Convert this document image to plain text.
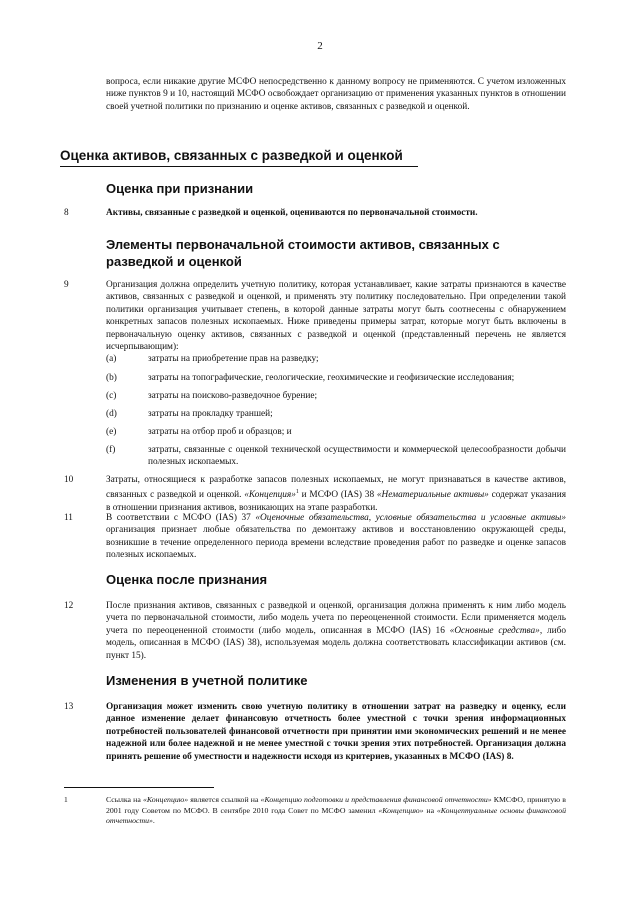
2
вопроса, если никакие другие МСФО непосредственно к данному вопросу не применяются. С учетом изложенных ниже пунктов 9 и 10, настоящий МСФО освобождает организацию от применения указанных пунктов в отношении своей учетной политики по признанию и оценке активов, связанных с разведкой и оценкой.
Оценка активов, связанных с разведкой и оценкой
Оценка при признании
8	Активы, связанные с разведкой и оценкой, оцениваются по первоначальной стоимости.
Элементы первоначальной стоимости активов, связанных с разведкой и оценкой
9	Организация должна определить учетную политику, которая устанавливает, какие затраты признаются в качестве активов, связанных с разведкой и оценкой, и применять эту политику последовательно. При определении такой политики организация учитывает степень, в которой данные затраты могут быть соотнесены с обнаружением конкретных запасов полезных ископаемых. Ниже приведены примеры затрат, которые могут быть включены в первоначальную оценку активов, связанных с разведкой и оценкой (представленный перечень не является исчерпывающим):
(a)	затраты на приобретение прав на разведку;
(b)	затраты на топографические, геологические, геохимические и геофизические исследования;
(c)	затраты на поисково-разведочное бурение;
(d)	затраты на прокладку траншей;
(e)	затраты на отбор проб и образцов; и
(f)	затраты, связанные с оценкой технической осуществимости и коммерческой целесообразности добычи полезных ископаемых.
10	Затраты, относящиеся к разработке запасов полезных ископаемых, не могут признаваться в качестве активов, связанных с разведкой и оценкой. «Концепция»$^1$ и МСФО (IAS) 38 «Нематериальные активы» содержат указания в отношении признания активов, возникающих на этапе разработки.
11	В соответствии с МСФО (IAS) 37 «Оценочные обязательства, условные обязательства и условные активы» организация признает любые обязательства по демонтажу активов и восстановлению окружающей среды, возникшие в течение определенного периода времени вследствие проведения работ по разведке и оценке запасов полезных ископаемых.
Оценка после признания
12	После признания активов, связанных с разведкой и оценкой, организация должна применять к ним либо модель учета по первоначальной стоимости, либо модель учета по переоцененной стоимости. Если применяется модель учета по переоцененной стоимости (либо модель, описанная в МСФО (IAS) 16 «Основные средства», либо модель, описанная в МСФО (IAS) 38), используемая модель должна соответствовать классификации активов (см. пункт 15).
Изменения в учетной политике
13	Организация может изменить свою учетную политику в отношении затрат на разведку и оценку, если данное изменение делает финансовую отчетность более уместной с точки зрения информационных потребностей пользователей финансовой отчетности при принятии ими экономических решений и не менее надежной или более надежной и не менее уместной с точки зрения этих потребностей. Организация должна принять решение об уместности и надежности исходя из критериев, указанных в МСФО (IAS) 8.
1	Ссылка на «Концепцию» является ссылкой на «Концепцию подготовки и представления финансовой отчетности» КМСФО, принятую в 2001 году Советом по МСФО. В сентябре 2010 года Совет по МСФО заменил «Концепцию» на «Концептуальные основы финансовой отчетности».
